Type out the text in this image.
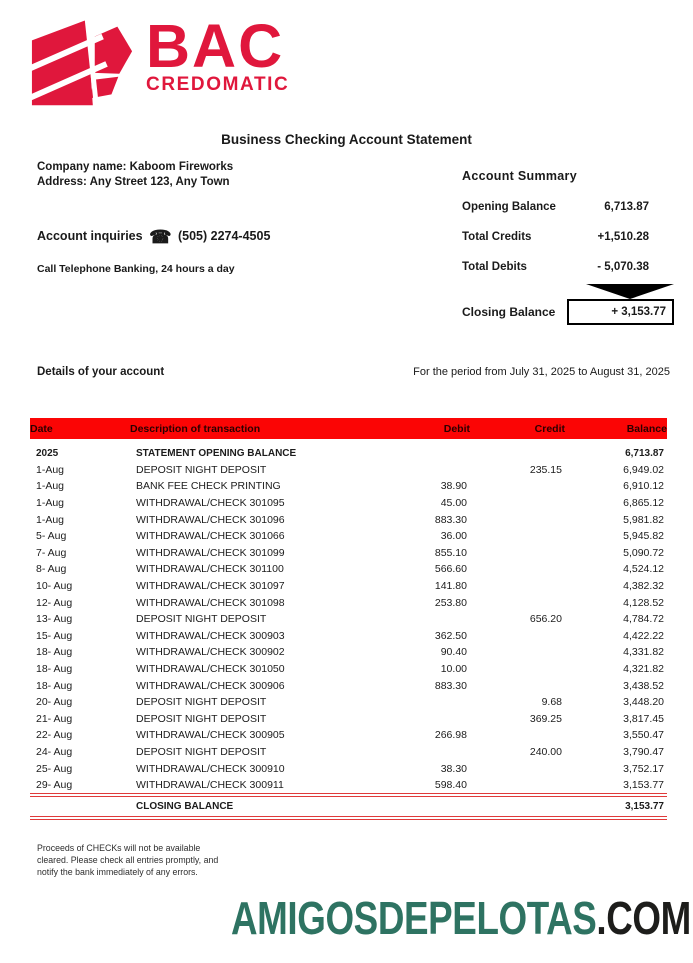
BAC
CREDOMATIC
Business Checking Account Statement
Company name: Kaboom Fireworks
Address: Any Street 123, Any Town
Account inquiries ☎ (505) 2274-4505
Call Telephone Banking, 24 hours a day
Account Summary
Opening Balance	6,713.87
Total Credits	+1,510.28
Total Debits	- 5,070.38
Closing Balance	+ 3,153.77
Details of your account	For the period from July 31, 2025 to August 31, 2025
Date	Description of transaction	Debit	Credit	Balance

2025	STATEMENT OPENING BALANCE			6,713.87
1-Aug	DEPOSIT NIGHT DEPOSIT		235.15	6,949.02
1-Aug	BANK FEE CHECK PRINTING	38.90		6,910.12
1-Aug	WITHDRAWAL/CHECK 301095	45.00		6,865.12
1-Aug	WITHDRAWAL/CHECK 301096	883.30		5,981.82
5- Aug	WITHDRAWAL/CHECK 301066	36.00		5,945.82
7- Aug	WITHDRAWAL/CHECK 301099	855.10		5,090.72
8- Aug	WITHDRAWAL/CHECK 301100	566.60		4,524.12
10- Aug	WITHDRAWAL/CHECK 301097	141.80		4,382.32
12- Aug	WITHDRAWAL/CHECK 301098	253.80		4,128.52
13- Aug	DEPOSIT NIGHT DEPOSIT		656.20	4,784.72
15- Aug	WITHDRAWAL/CHECK 300903	362.50		4,422.22
18- Aug	WITHDRAWAL/CHECK 300902	90.40		4,331.82
18- Aug	WITHDRAWAL/CHECK 301050	10.00		4,321.82
18- Aug	WITHDRAWAL/CHECK 300906	883.30		3,438.52
20- Aug	DEPOSIT NIGHT DEPOSIT		9.68	3,448.20
21- Aug	DEPOSIT NIGHT DEPOSIT		369.25	3,817.45
22- Aug	WITHDRAWAL/CHECK 300905	266.98		3,550.47
24- Aug	DEPOSIT NIGHT DEPOSIT		240.00	3,790.47
25- Aug	WITHDRAWAL/CHECK 300910	38.30		3,752.17
29- Aug	WITHDRAWAL/CHECK 300911	598.40		3,153.77
	CLOSING BALANCE			3,153.77
Proceeds of CHECKs will not be available
cleared. Please check all entries promptly, and
notify the bank immediately of any errors.
AMIGOSDEPELOTAS.COM
